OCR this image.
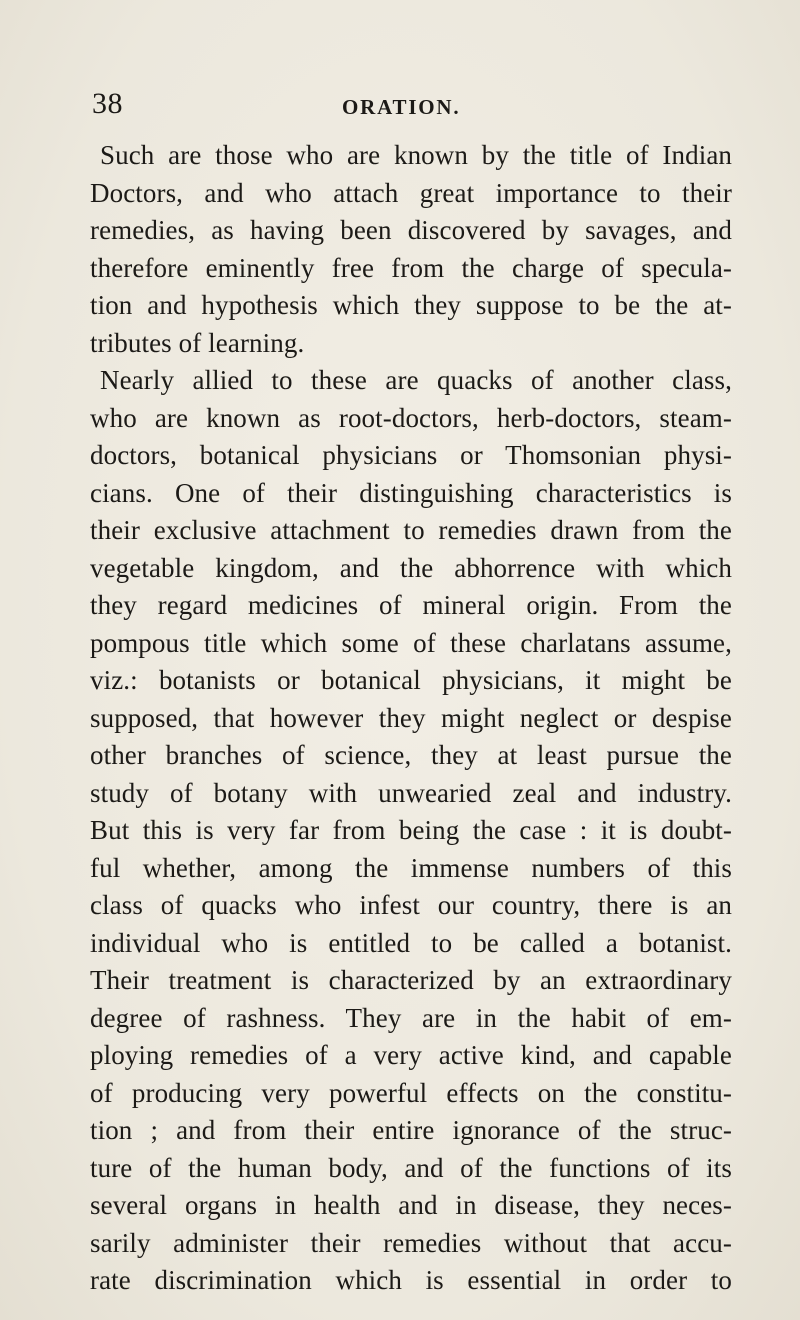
38	ORATION.
Such are those who are known by the title of Indian
Doctors, and who attach great importance to their
remedies, as having been discovered by savages, and
therefore eminently free from the charge of specula-
tion and hypothesis which they suppose to be the at-
tributes of learning.
Nearly allied to these are quacks of another class,
who are known as root-doctors, herb-doctors, steam-
doctors, botanical physicians or Thomsonian physi-
cians. One of their distinguishing characteristics is
their exclusive attachment to remedies drawn from the
vegetable kingdom, and the abhorrence with which
they regard medicines of mineral origin. From the
pompous title which some of these charlatans assume,
viz.: botanists or botanical physicians, it might be
supposed, that however they might neglect or despise
other branches of science, they at least pursue the
study of botany with unwearied zeal and industry.
But this is very far from being the case : it is doubt-
ful whether, among the immense numbers of this
class of quacks who infest our country, there is an
individual who is entitled to be called a botanist.
Their treatment is characterized by an extraordinary
degree of rashness. They are in the habit of em-
ploying remedies of a very active kind, and capable
of producing very powerful effects on the constitu-
tion ; and from their entire ignorance of the struc-
ture of the human body, and of the functions of its
several organs in health and in disease, they neces-
sarily administer their remedies without that accu-
rate discrimination which is essential in order to
